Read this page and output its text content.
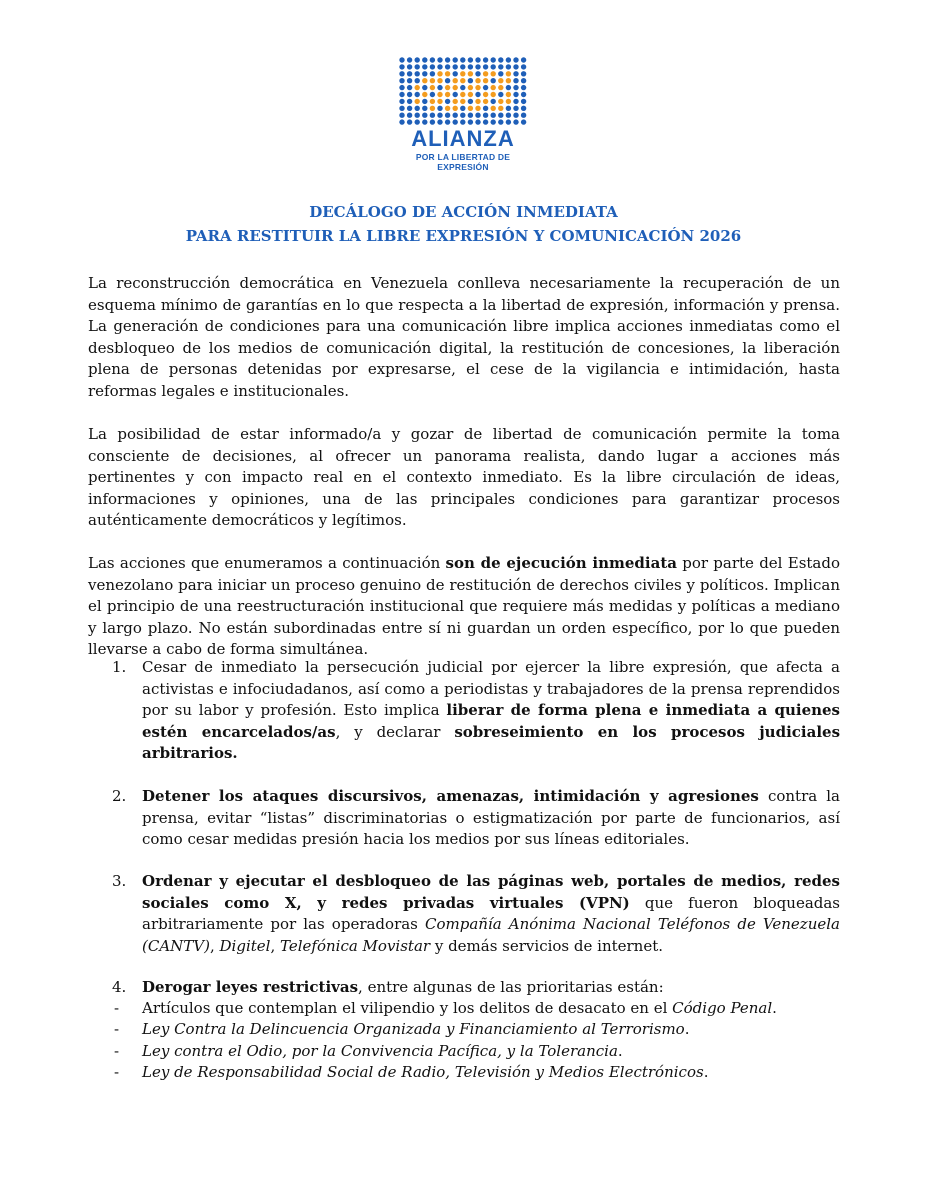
ALIANZA
POR LA LIBERTAD DE EXPRESIÓN
DECÁLOGO DE ACCIÓN INMEDIATA
PARA RESTITUIR LA LIBRE EXPRESIÓN Y COMUNICACIÓN 2026

La reconstrucción democrática en Venezuela conlleva necesariamente la recuperación de un esquema mínimo de garantías en lo que respecta a la libertad de expresión, información y prensa. La generación de condiciones para una comunicación libre implica acciones inmediatas como el desbloqueo de los medios de comunicación digital, la restitución de concesiones, la liberación plena de personas detenidas por expresarse, el cese de la vigilancia e intimidación, hasta reformas legales e institucionales.

La posibilidad de estar informado/a y gozar de libertad de comunicación permite la toma consciente de decisiones, al ofrecer un panorama realista, dando lugar a acciones más pertinentes y con impacto real en el contexto inmediato. Es la libre circulación de ideas, informaciones y opiniones, una de las principales condiciones para garantizar procesos auténticamente democráticos y legítimos.

Las acciones que enumeramos a continuación son de ejecución inmediata por parte del Estado venezolano para iniciar un proceso genuino de restitución de derechos civiles y políticos. Implican el principio de una reestructuración institucional que requiere más medidas y políticas a mediano y largo plazo. No están subordinadas entre sí ni guardan un orden específico, por lo que pueden llevarse a cabo de forma simultánea.

1.	Cesar de inmediato la persecución judicial por ejercer la libre expresión, que afecta a activistas e infociudadanos, así como a periodistas y trabajadores de la prensa reprendidos por su labor y profesión. Esto implica liberar de forma plena e inmediata a quienes estén encarcelados/as, y declarar sobreseimiento en los procesos judiciales arbitrarios.
2.	Detener los ataques discursivos, amenazas, intimidación y agresiones contra la prensa, evitar “listas” discriminatorias o estigmatización por parte de funcionarios, así como cesar medidas presión hacia los medios por sus líneas editoriales.
3.	Ordenar y ejecutar el desbloqueo de las páginas web, portales de medios, redes sociales como X, y redes privadas virtuales (VPN) que fueron bloqueadas arbitrariamente por las operadoras Compañía Anónima Nacional Teléfonos de Venezuela (CANTV), Digitel, Telefónica Movistar y demás servicios de internet.
4.	Derogar leyes restrictivas, entre algunas de las prioritarias están:
- Artículos que contemplan el vilipendio y los delitos de desacato en el Código Penal.
- Ley Contra la Delincuencia Organizada y Financiamiento al Terrorismo.
- Ley contra el Odio, por la Convivencia Pacífica, y la Tolerancia.
- Ley de Responsabilidad Social de Radio, Televisión y Medios Electrónicos.
